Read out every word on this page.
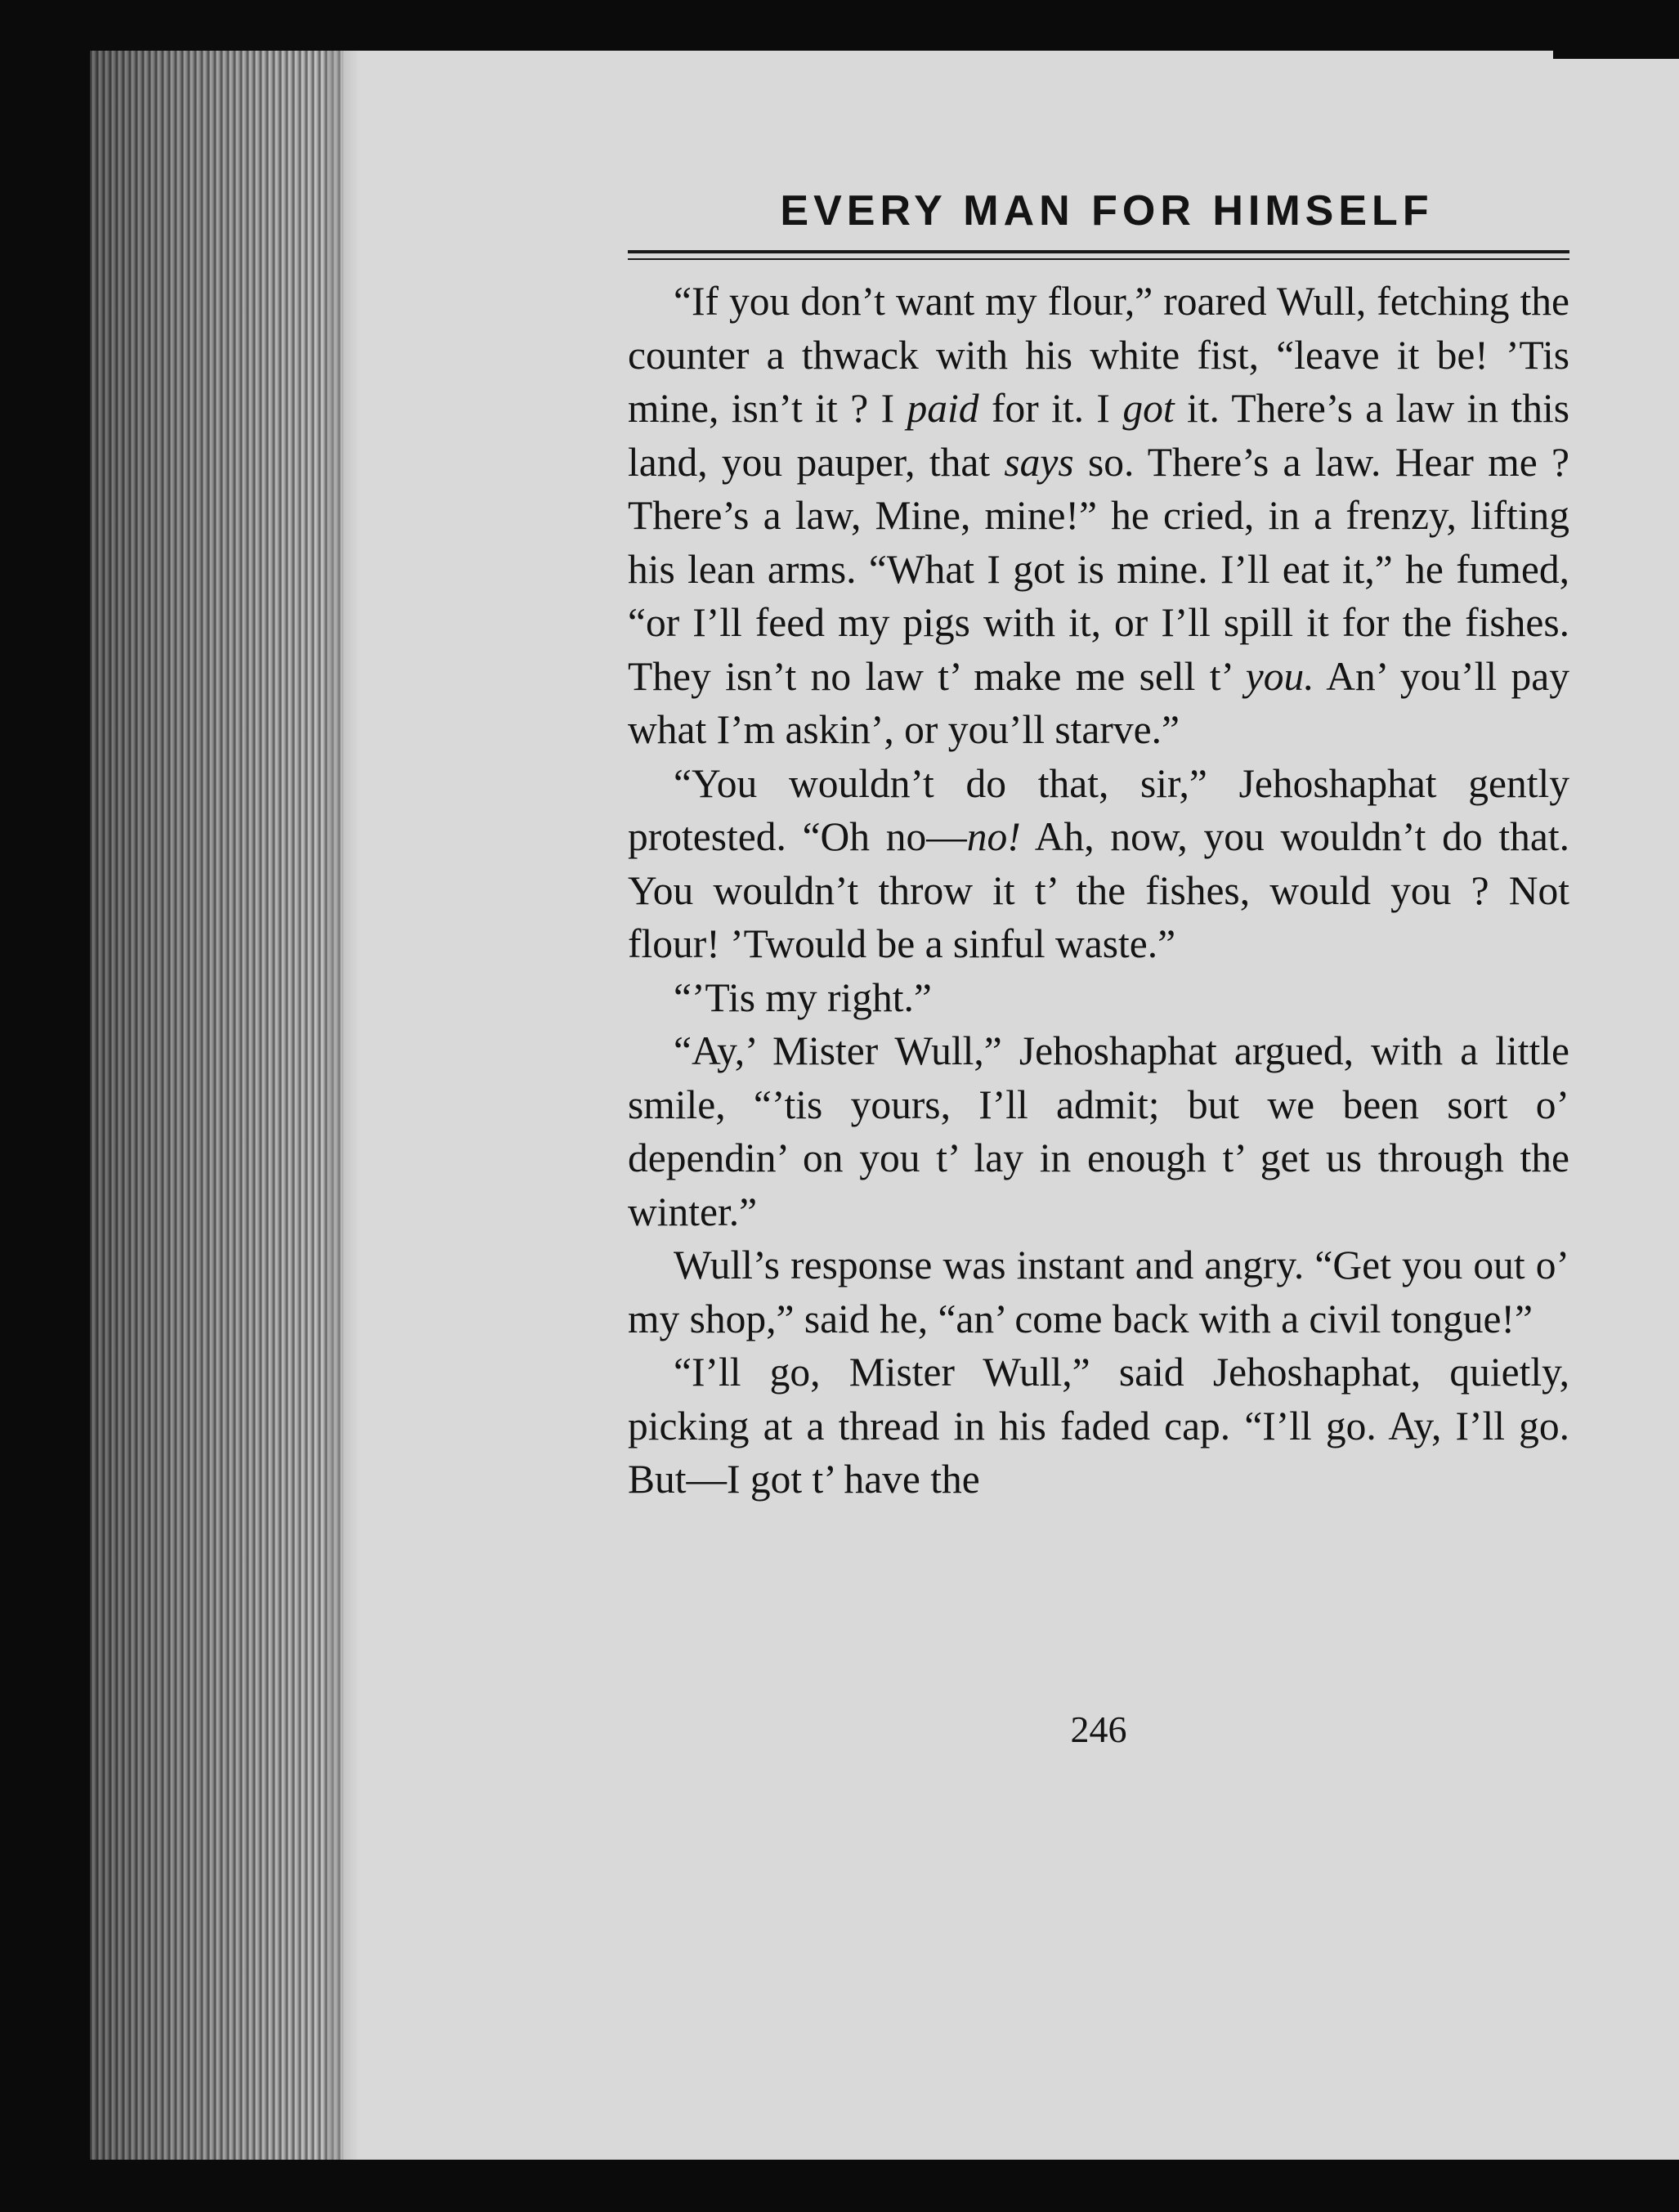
EVERY MAN FOR HIMSELF

“If you don’t want my flour,” roared Wull, fetching the counter a thwack with his white fist, “leave it be! ’Tis mine, isn’t it ? I paid for it. I got it. There’s a law in this land, you pauper, that says so. There’s a law. Hear me ? There’s a law, Mine, mine!” he cried, in a frenzy, lifting his lean arms. “What I got is mine. I’ll eat it,” he fumed, “or I’ll feed my pigs with it, or I’ll spill it for the fishes. They isn’t no law t’ make me sell t’ you. An’ you’ll pay what I’m askin’, or you’ll starve.”

“You wouldn’t do that, sir,” Jehoshaphat gently protested. “Oh no—no! Ah, now, you wouldn’t do that. You wouldn’t throw it t’ the fishes, would you ? Not flour! ’Twould be a sinful waste.”

“’Tis my right.”

“Ay,’ Mister Wull,” Jehoshaphat argued, with a little smile, “’tis yours, I’ll admit; but we been sort o’ dependin’ on you t’ lay in enough t’ get us through the winter.”

Wull’s response was instant and angry. “Get you out o’ my shop,” said he, “an’ come back with a civil tongue!”

“I’ll go, Mister Wull,” said Jehoshaphat, quietly, picking at a thread in his faded cap. “I’ll go. Ay, I’ll go. But—I got t’ have the

246
